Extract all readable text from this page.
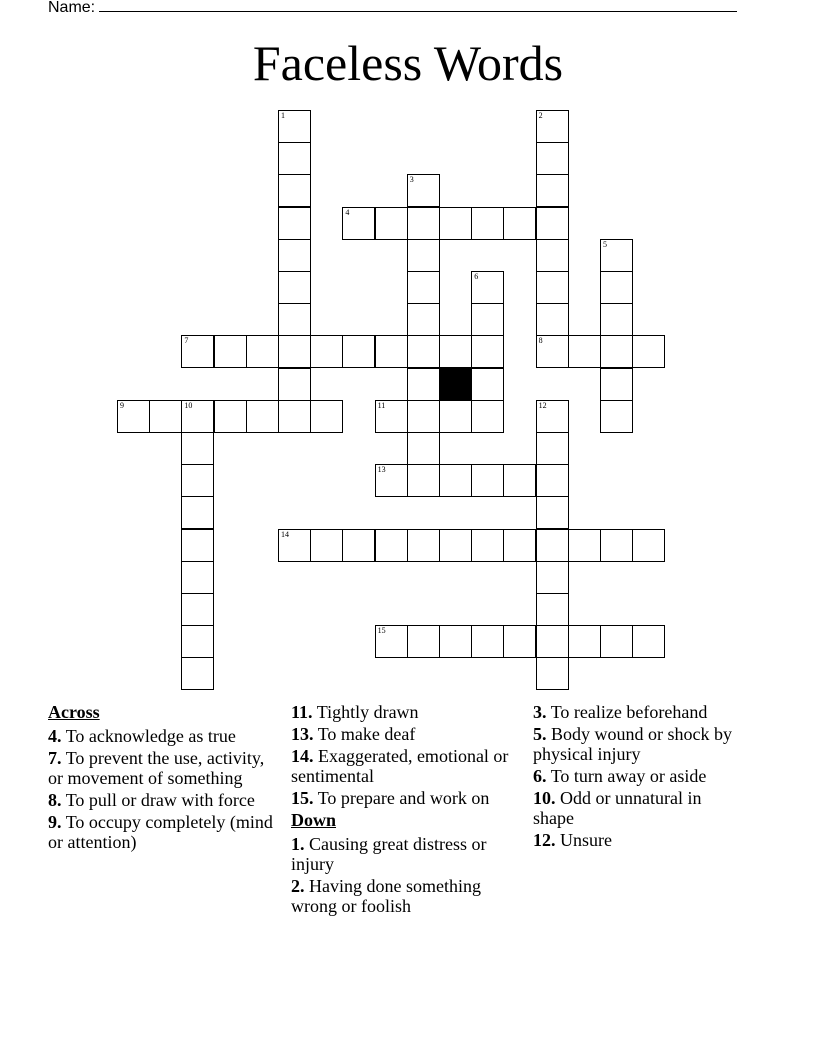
Name:
Faceless Words
1	2
3
4
5
6
7	8
9	10	11	12
13
14
15
Across
4. To acknowledge as true
7. To prevent the use, activity, or movement of something
8. To pull or draw with force
9. To occupy completely (mind or attention)
11. Tightly drawn
13. To make deaf
14. Exaggerated, emotional or sentimental
15. To prepare and work on
Down
1. Causing great distress or injury
2. Having done something wrong or foolish
3. To realize beforehand
5. Body wound or shock by physical injury
6. To turn away or aside
10. Odd or unnatural in shape
12. Unsure
